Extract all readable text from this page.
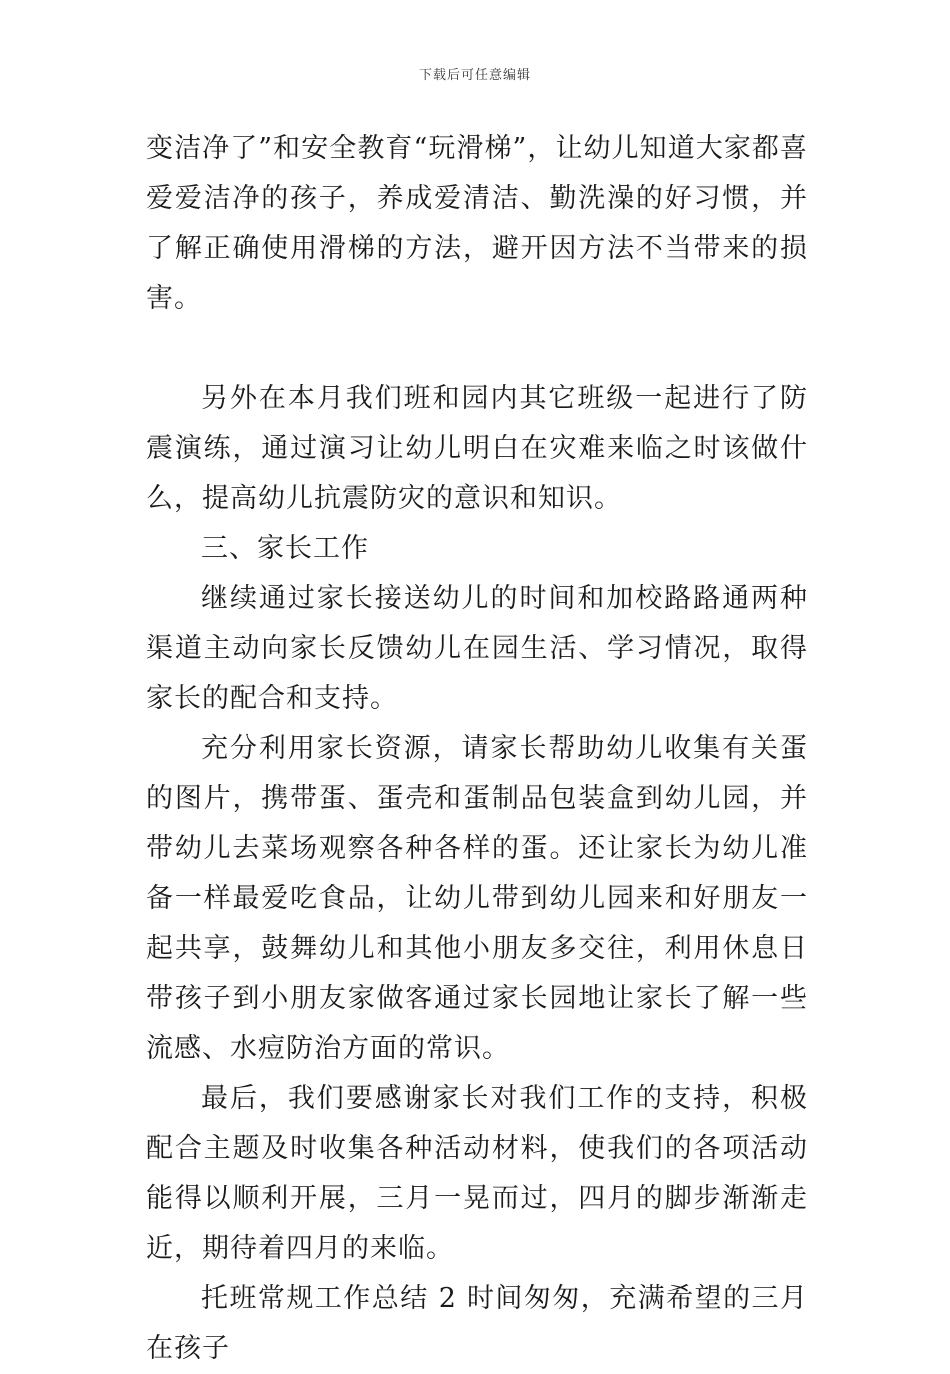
下载后可任意编辑

变洁净了”和安全教育“玩滑梯”，让幼儿知道大家都喜爱爱洁净的孩子，养成爱清洁、勤洗澡的好习惯，并了解正确使用滑梯的方法，避开因方法不当带来的损害。

另外在本月我们班和园内其它班级一起进行了防震演练，通过演习让幼儿明白在灾难来临之时该做什么，提高幼儿抗震防灾的意识和知识。

三、家长工作

继续通过家长接送幼儿的时间和加校路路通两种渠道主动向家长反馈幼儿在园生活、学习情况，取得家长的配合和支持。

充分利用家长资源，请家长帮助幼儿收集有关蛋的图片，携带蛋、蛋壳和蛋制品包装盒到幼儿园，并带幼儿去菜场观察各种各样的蛋。还让家长为幼儿准备一样最爱吃食品，让幼儿带到幼儿园来和好朋友一起共享，鼓舞幼儿和其他小朋友多交往，利用休息日带孩子到小朋友家做客通过家长园地让家长了解一些流感、水痘防治方面的常识。

最后，我们要感谢家长对我们工作的支持，积极配合主题及时收集各种活动材料，使我们的各项活动能得以顺利开展，三月一晃而过，四月的脚步渐渐走近，期待着四月的来临。

托班常规工作总结 2 时间匆匆，充满希望的三月在孩子
